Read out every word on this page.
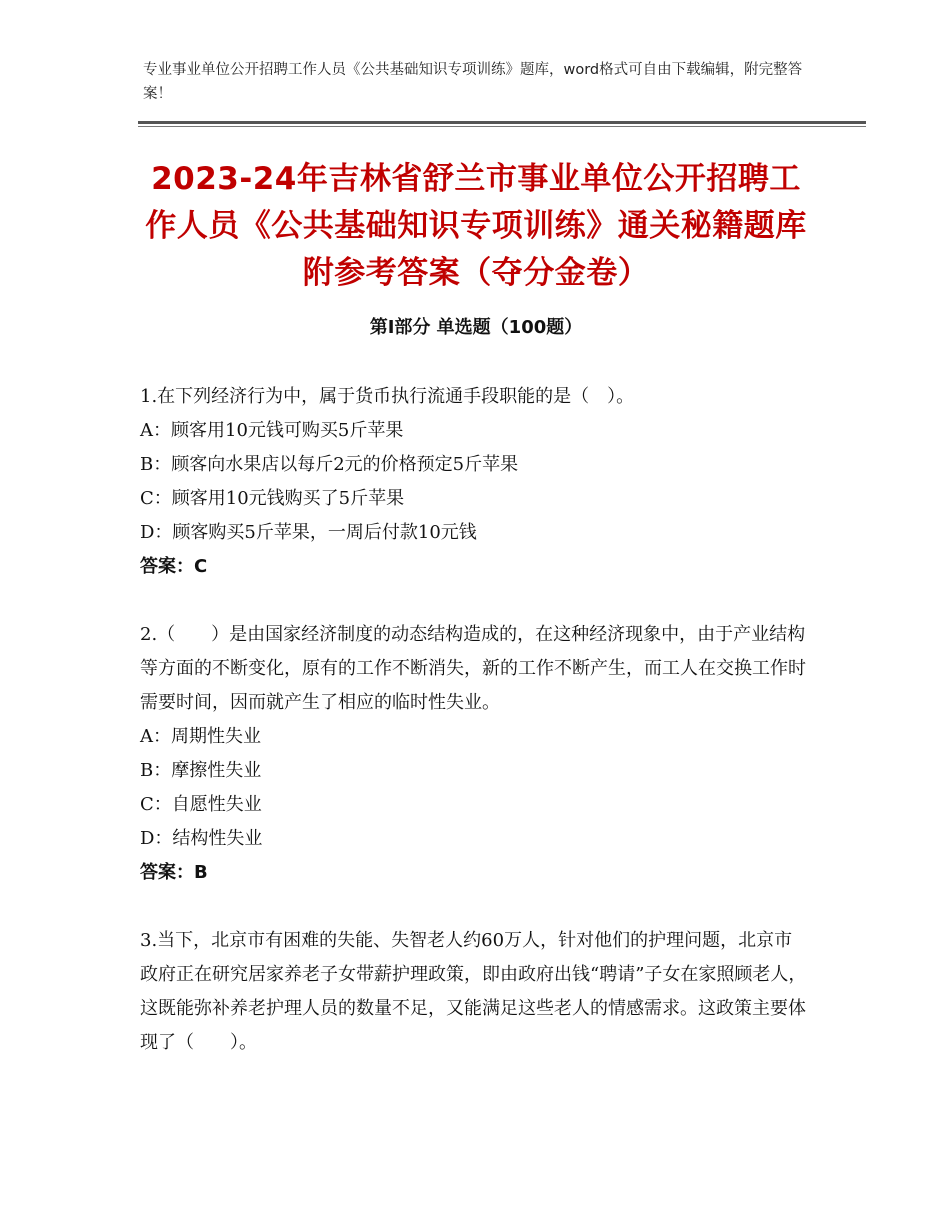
专业事业单位公开招聘工作人员《公共基础知识专项训练》题库，word格式可自由下载编辑，附完整答案！
2023-24年吉林省舒兰市事业单位公开招聘工作人员《公共基础知识专项训练》通关秘籍题库附参考答案（夺分金卷）
第Ⅰ部分 单选题（100题）

1.在下列经济行为中，属于货币执行流通手段职能的是（　）。

A：顾客用10元钱可购买5斤苹果

B：顾客向水果店以每斤2元的价格预定5斤苹果

C：顾客用10元钱购买了5斤苹果

D：顾客购买5斤苹果，一周后付款10元钱

答案：C

2.（　　）是由国家经济制度的动态结构造成的，在这种经济现象中，由于产业结构等方面的不断变化，原有的工作不断消失，新的工作不断产生，而工人在交换工作时需要时间，因而就产生了相应的临时性失业。

A：周期性失业

B：摩擦性失业

C：自愿性失业

D：结构性失业

答案：B

3.当下，北京市有困难的失能、失智老人约60万人，针对他们的护理问题，北京市政府正在研究居家养老子女带薪护理政策，即由政府出钱“聘请”子女在家照顾老人，这既能弥补养老护理人员的数量不足，又能满足这些老人的情感需求。这政策主要体现了（　　）。
